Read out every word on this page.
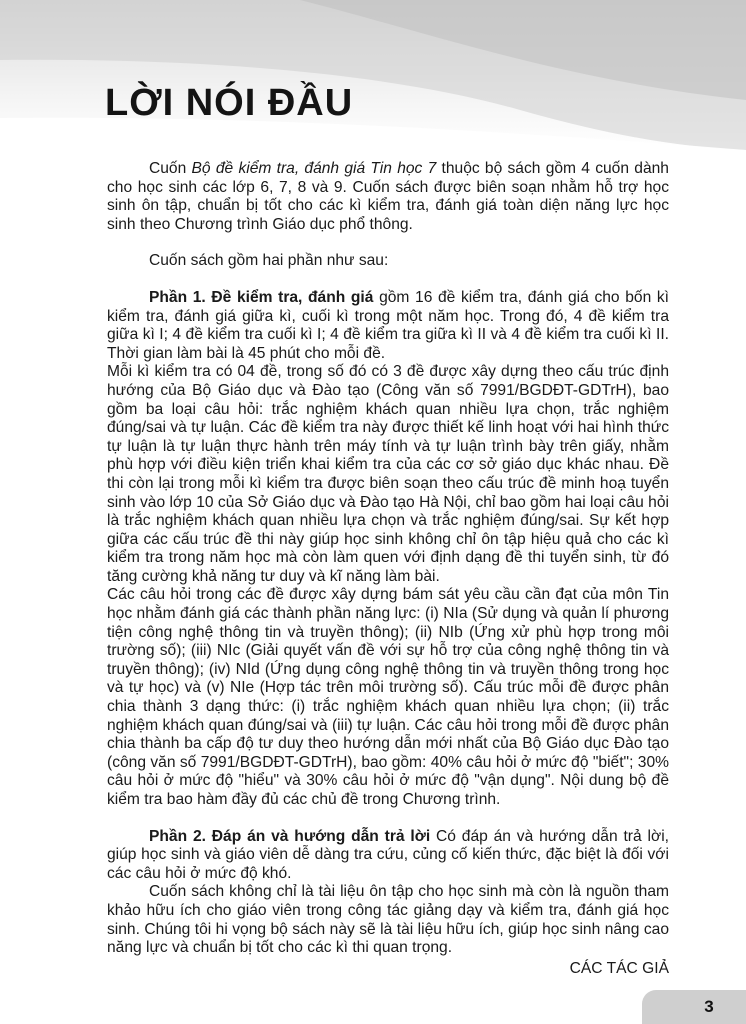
LỜI NÓI ĐẦU

Cuốn Bộ đề kiểm tra, đánh giá Tin học 7 thuộc bộ sách gồm 4 cuốn dành cho học sinh các lớp 6, 7, 8 và 9. Cuốn sách được biên soạn nhằm hỗ trợ học sinh ôn tập, chuẩn bị tốt cho các kì kiểm tra, đánh giá toàn diện năng lực học sinh theo Chương trình Giáo dục phổ thông.

Cuốn sách gồm hai phần như sau:

Phần 1. Đề kiểm tra, đánh giá gồm 16 đề kiểm tra, đánh giá cho bốn kì kiểm tra, đánh giá giữa kì, cuối kì trong một năm học. Trong đó, 4 đề kiểm tra giữa kì I; 4 đề kiểm tra cuối kì I; 4 đề kiểm tra giữa kì II và 4 đề kiểm tra cuối kì II. Thời gian làm bài là 45 phút cho mỗi đề.

Mỗi kì kiểm tra có 04 đề, trong số đó có 3 đề được xây dựng theo cấu trúc định hướng của Bộ Giáo dục và Đào tạo (Công văn số 7991/BGDĐT-GDTrH), bao gồm ba loại câu hỏi: trắc nghiệm khách quan nhiều lựa chọn, trắc nghiệm đúng/sai và tự luận. Các đề kiểm tra này được thiết kế linh hoạt với hai hình thức tự luận là tự luận thực hành trên máy tính và tự luận trình bày trên giấy, nhằm phù hợp với điều kiện triển khai kiểm tra của các cơ sở giáo dục khác nhau. Đề thi còn lại trong mỗi kì kiểm tra được biên soạn theo cấu trúc đề minh hoạ tuyển sinh vào lớp 10 của Sở Giáo dục và Đào tạo Hà Nội, chỉ bao gồm hai loại câu hỏi là trắc nghiệm khách quan nhiều lựa chọn và trắc nghiệm đúng/sai. Sự kết hợp giữa các cấu trúc đề thi này giúp học sinh không chỉ ôn tập hiệu quả cho các kì kiểm tra trong năm học mà còn làm quen với định dạng đề thi tuyển sinh, từ đó tăng cường khả năng tư duy và kĩ năng làm bài.

Các câu hỏi trong các đề được xây dựng bám sát yêu cầu cần đạt của môn Tin học nhằm đánh giá các thành phần năng lực: (i) NIa (Sử dụng và quản lí phương tiện công nghệ thông tin và truyền thông); (ii) NIb (Ứng xử phù hợp trong môi trường số); (iii) NIc (Giải quyết vấn đề với sự hỗ trợ của công nghệ thông tin và truyền thông); (iv) NId (Ứng dụng công nghệ thông tin và truyền thông trong học và tự học) và (v) NIe (Hợp tác trên môi trường số). Cấu trúc mỗi đề được phân chia thành 3 dạng thức: (i) trắc nghiệm khách quan nhiều lựa chọn; (ii) trắc nghiệm khách quan đúng/sai và (iii) tự luận. Các câu hỏi trong mỗi đề được phân chia thành ba cấp độ tư duy theo hướng dẫn mới nhất của Bộ Giáo dục Đào tạo (công văn số 7991/BGDĐT-GDTrH), bao gồm: 40% câu hỏi ở mức độ "biết"; 30% câu hỏi ở mức độ "hiểu" và 30% câu hỏi ở mức độ "vận dụng". Nội dung bộ đề kiểm tra bao hàm đầy đủ các chủ đề trong Chương trình.

Phần 2. Đáp án và hướng dẫn trả lời Có đáp án và hướng dẫn trả lời, giúp học sinh và giáo viên dễ dàng tra cứu, củng cố kiến thức, đặc biệt là đối với các câu hỏi ở mức độ khó.

Cuốn sách không chỉ là tài liệu ôn tập cho học sinh mà còn là nguồn tham khảo hữu ích cho giáo viên trong công tác giảng dạy và kiểm tra, đánh giá học sinh. Chúng tôi hi vọng bộ sách này sẽ là tài liệu hữu ích, giúp học sinh nâng cao năng lực và chuẩn bị tốt cho các kì thi quan trọng.

CÁC TÁC GIẢ

3
